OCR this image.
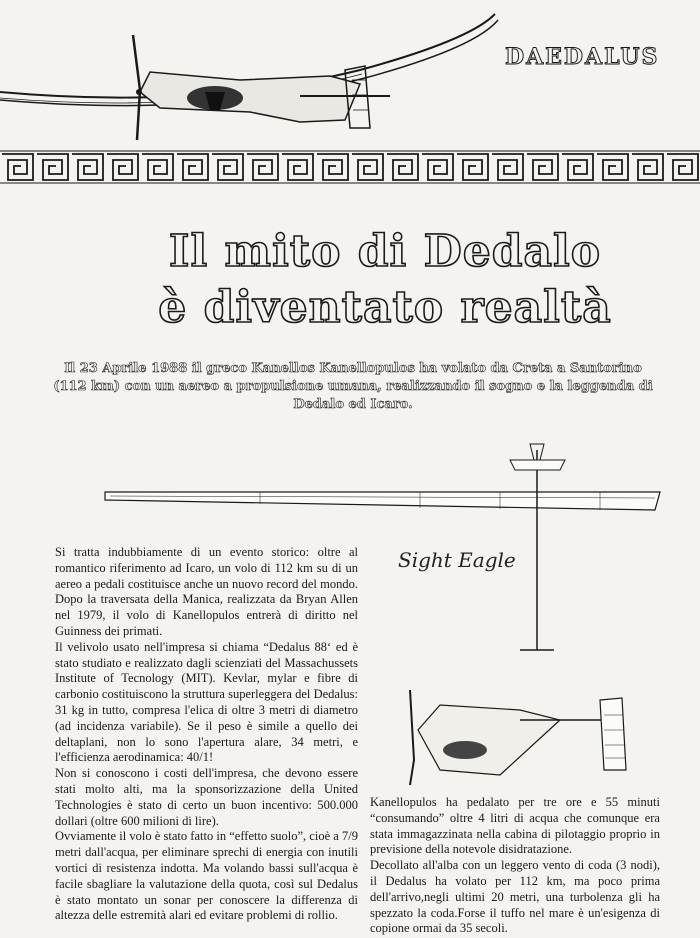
DAEDALUS
Il mito di Dedalo
è diventato realtà
Il 23 Aprile 1988 il greco Kanellos Kanellopulos ha volato da Creta a Santorino (112 km) con un aereo a propulsione umana, realizzando il sogno e la leggenda di Dedalo ed Icaro.
Sight Eagle

Si tratta indubbiamente di un evento storico: oltre al romantico riferimento ad Icaro, un volo di 112 km su di un aereo a pedali costituisce anche un nuovo record del mondo. Dopo la traversata della Manica, realizzata da Bryan Allen nel 1979, il volo di Kanellopulos entrerà di diritto nel Guinness dei primati.

Il velivolo usato nell'impresa si chiama “Dedalus 88‘ ed è stato studiato e realizzato dagli scienziati del Massachussets Institute of Tecnology (MIT). Kevlar, mylar e fibre di carbonio costituiscono la struttura superleggera del Dedalus: 31 kg in tutto, compresa l'elica di oltre 3 metri di diametro (ad incidenza variabile). Se il peso è simile a quello dei deltaplani, non lo sono l'apertura alare, 34 metri, e l'efficienza aerodinamica: 40/1!

Non si conoscono i costi dell'impresa, che devono essere stati molto alti, ma la sponsorizzazione della United Technologies è stato di certo un buon incentivo: 500.000 dollari (oltre 600 milioni di lire).

Ovviamente il volo è stato fatto in “effetto suolo”, cioè a 7/9 metri dall'acqua, per eliminare sprechi di energia con inutili vortici di resistenza indotta. Ma volando bassi sull'acqua è facile sbagliare la valutazione della quota, così sul Dedalus è stato montato un sonar per conoscere la differenza di altezza delle estremità alari ed evitare problemi di rollio.

Kanellopulos ha pedalato per tre ore e 55 minuti “consumando” oltre 4 litri di acqua che comunque era stata immagazzinata nella cabina di pilotaggio proprio in previsione della notevole disidratazione.

Decollato all'alba con un leggero vento di coda (3 nodi), il Dedalus ha volato per 112 km, ma poco prima dell'arrivo,negli ultimi 20 metri, una turbolenza gli ha spezzato la coda.Forse il tuffo nel mare è un'esigenza di copione ormai da 35 secoli.
